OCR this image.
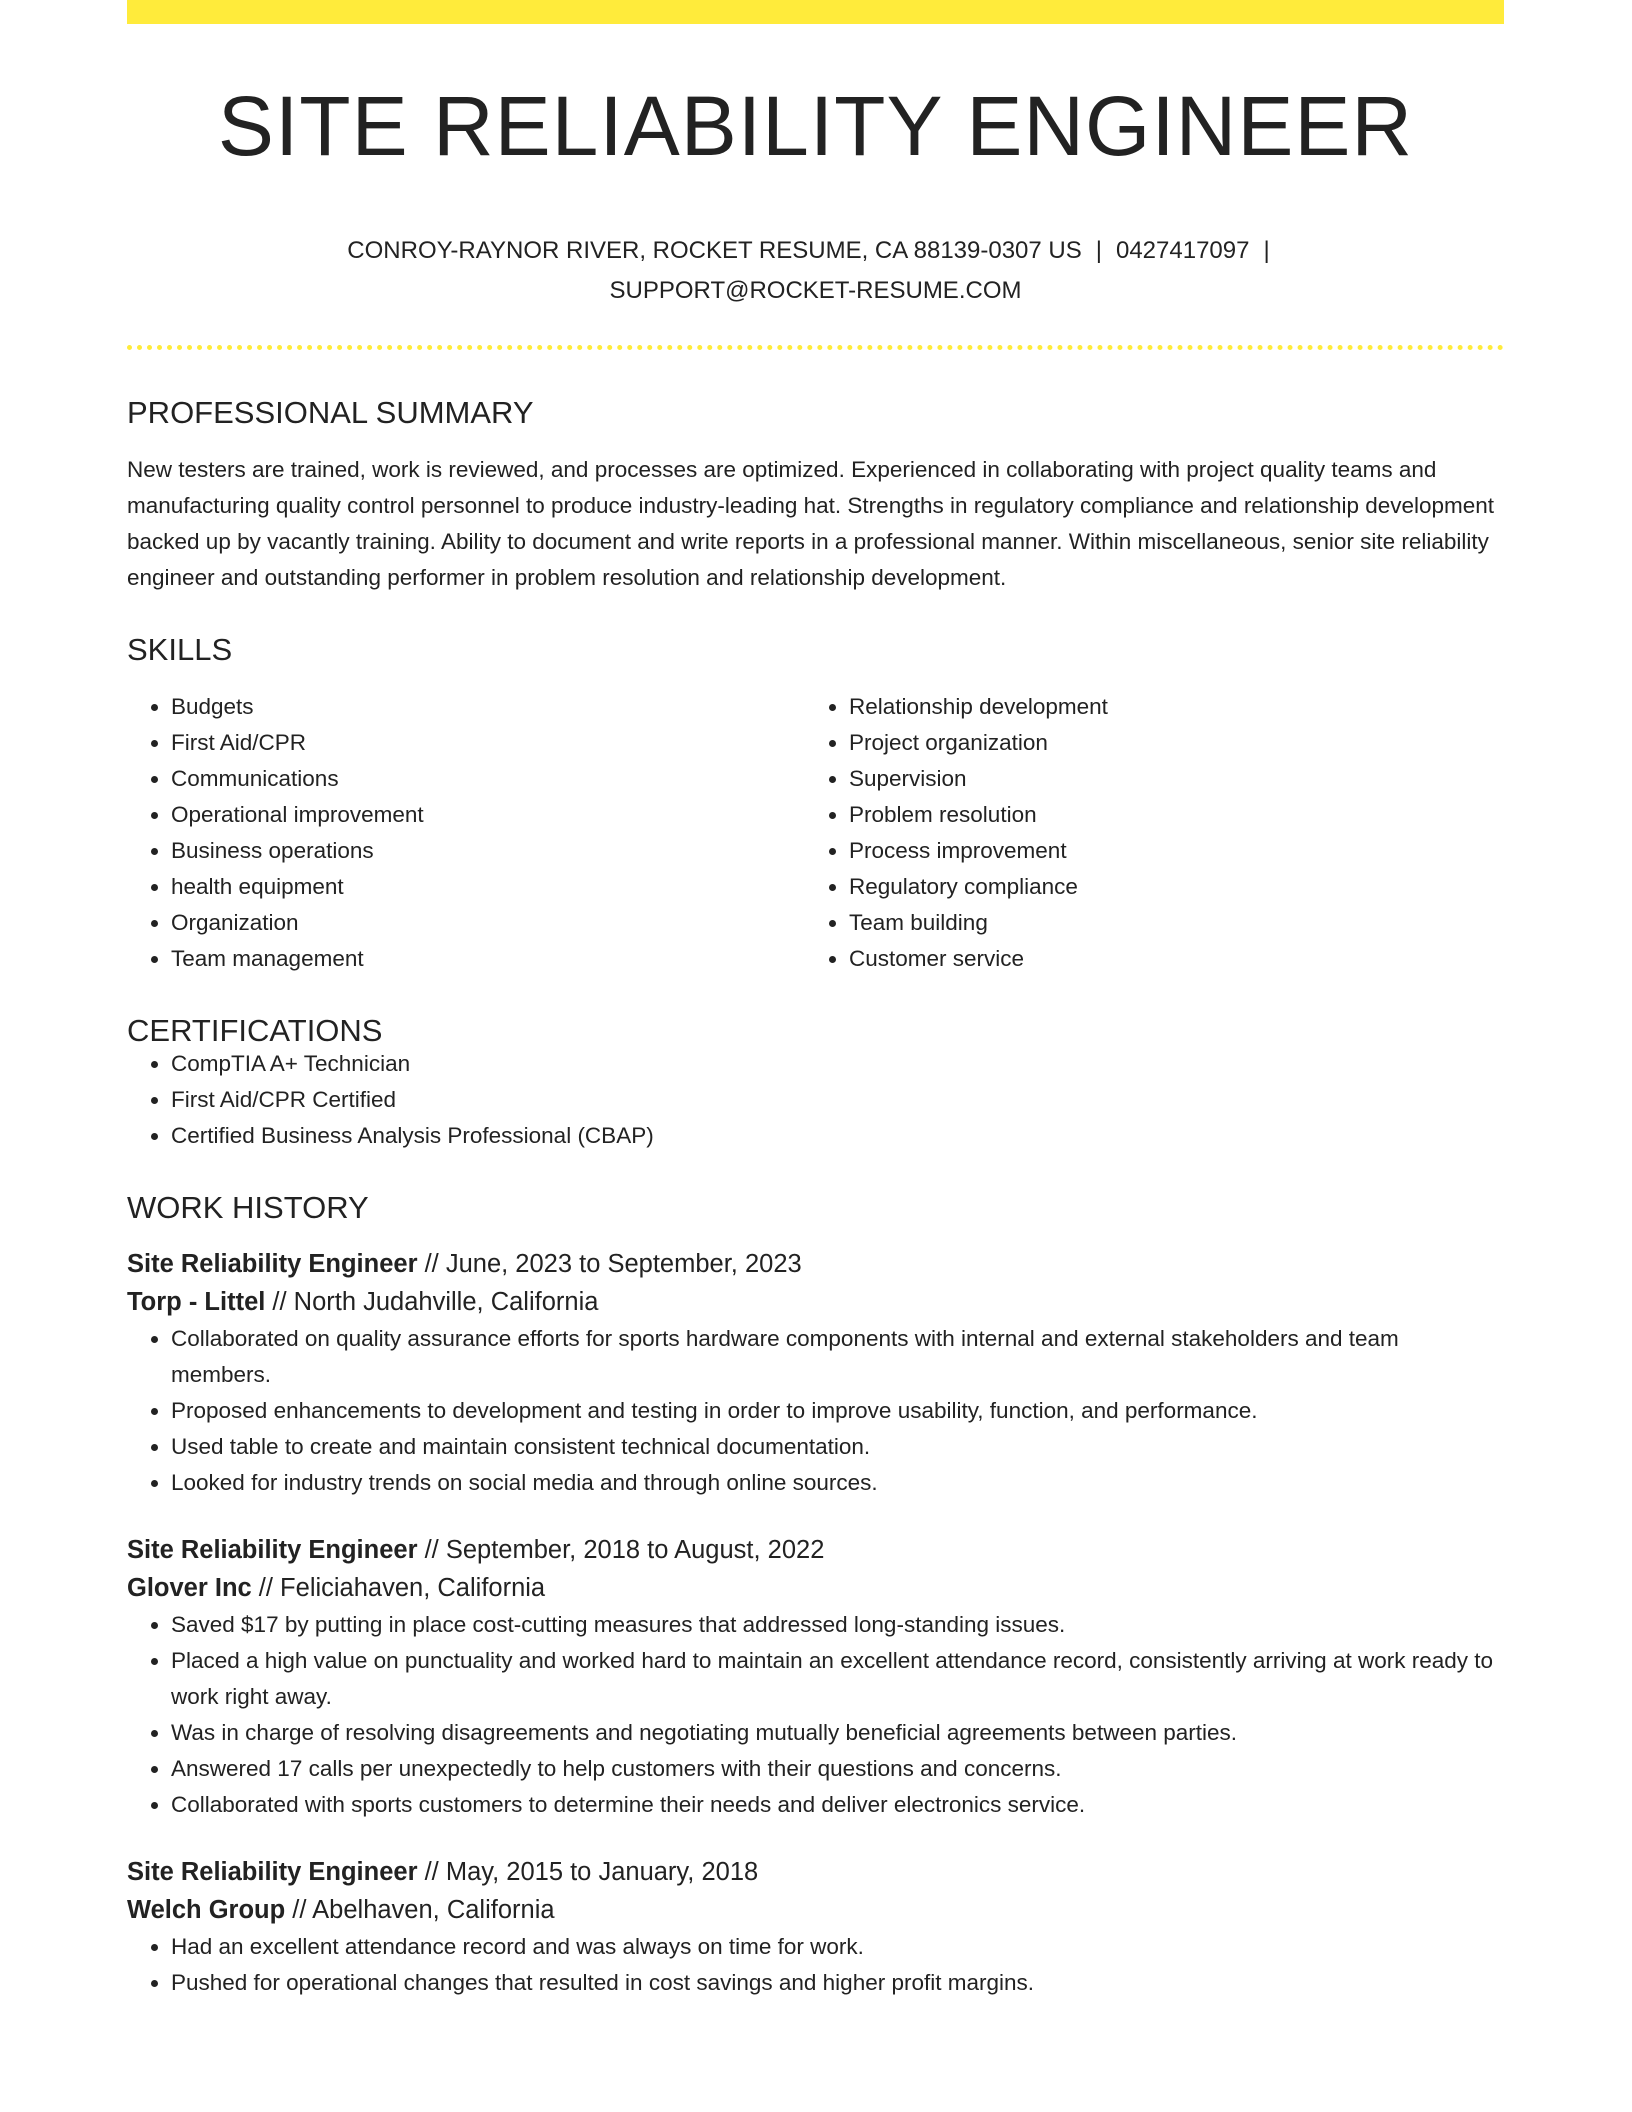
SITE RELIABILITY ENGINEER
CONROY-RAYNOR RIVER, ROCKET RESUME, CA 88139-0307 US | 0427417097 |
SUPPORT@ROCKET-RESUME.COM
PROFESSIONAL SUMMARY

New testers are trained, work is reviewed, and processes are optimized. Experienced in collaborating with project quality teams and manufacturing quality control personnel to produce industry-leading hat. Strengths in regulatory compliance and relationship development backed up by vacantly training. Ability to document and write reports in a professional manner. Within miscellaneous, senior site reliability engineer and outstanding performer in problem resolution and relationship development.

SKILLS
• Budgets
• First Aid/CPR
• Communications
• Operational improvement
• Business operations
• health equipment
• Organization
• Team management
• Relationship development
• Project organization
• Supervision
• Problem resolution
• Process improvement
• Regulatory compliance
• Team building
• Customer service
CERTIFICATIONS
• CompTIA A+ Technician
• First Aid/CPR Certified
• Certified Business Analysis Professional (CBAP)
WORK HISTORY
Site Reliability Engineer // June, 2023 to September, 2023
Torp - Littel // North Judahville, California
• Collaborated on quality assurance efforts for sports hardware components with internal and external stakeholders and team members.
• Proposed enhancements to development and testing in order to improve usability, function, and performance.
• Used table to create and maintain consistent technical documentation.
• Looked for industry trends on social media and through online sources.
Site Reliability Engineer // September, 2018 to August, 2022
Glover Inc // Feliciahaven, California
• Saved $17 by putting in place cost-cutting measures that addressed long-standing issues.
• Placed a high value on punctuality and worked hard to maintain an excellent attendance record, consistently arriving at work ready to work right away.
• Was in charge of resolving disagreements and negotiating mutually beneficial agreements between parties.
• Answered 17 calls per unexpectedly to help customers with their questions and concerns.
• Collaborated with sports customers to determine their needs and deliver electronics service.
Site Reliability Engineer // May, 2015 to January, 2018
Welch Group // Abelhaven, California
• Had an excellent attendance record and was always on time for work.
• Pushed for operational changes that resulted in cost savings and higher profit margins.
